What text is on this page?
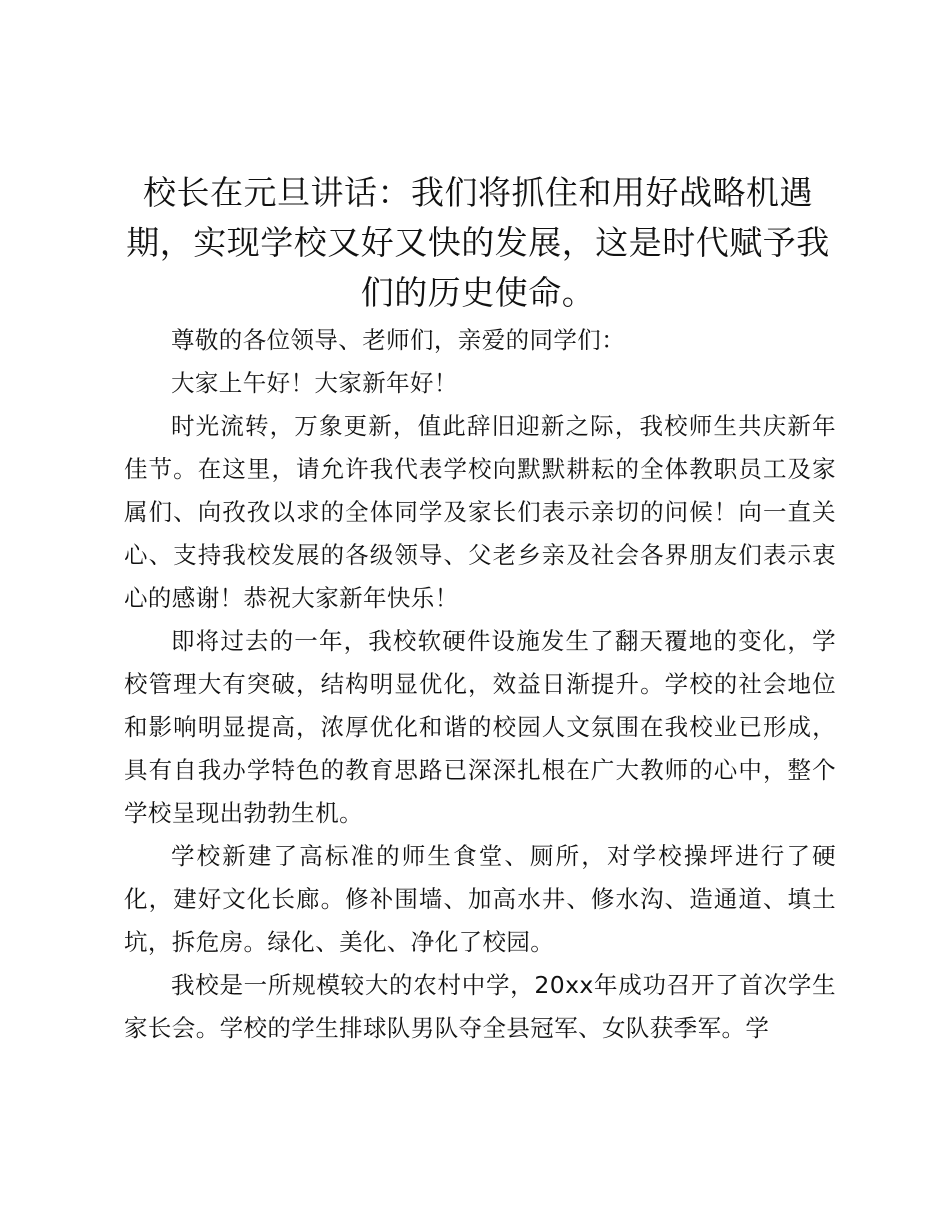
校长在元旦讲话：我们将抓住和用好战略机遇期，实现学校又好又快的发展，这是时代赋予我们的历史使命。

尊敬的各位领导、老师们，亲爱的同学们：

大家上午好！大家新年好！

时光流转，万象更新，值此辞旧迎新之际，我校师生共庆新年佳节。在这里，请允许我代表学校向默默耕耘的全体教职员工及家属们、向孜孜以求的全体同学及家长们表示亲切的问候！向一直关心、支持我校发展的各级领导、父老乡亲及社会各界朋友们表示衷心的感谢！恭祝大家新年快乐！

即将过去的一年，我校软硬件设施发生了翻天覆地的变化，学校管理大有突破，结构明显优化，效益日渐提升。学校的社会地位和影响明显提高，浓厚优化和谐的校园人文氛围在我校业已形成，具有自我办学特色的教育思路已深深扎根在广大教师的心中，整个学校呈现出勃勃生机。

学校新建了高标准的师生食堂、厕所，对学校操坪进行了硬化，建好文化长廊。修补围墙、加高水井、修水沟、造通道、填土坑，拆危房。绿化、美化、净化了校园。

我校是一所规模较大的农村中学，20xx年成功召开了首次学生家长会。学校的学生排球队男队夺全县冠军、女队获季军。学
